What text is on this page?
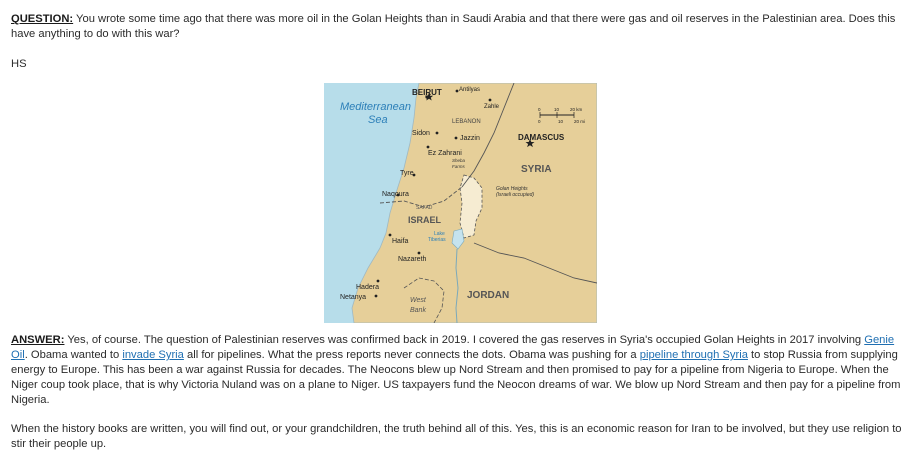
QUESTION: You wrote some time ago that there was more oil in the Golan Heights than in Saudi Arabia and that there were gas and oil reserves in the Palestinian area. Does this have anything to do with this war?

HS

Mediterranean
Sea
BEIRUT	Antilyas
Zahle
LEBANON
Sidon
Jazzin
Ez Zahrani
Sheba
Farms
DAMASCUS
SYRIA
Tyre
Naqoura
SAFAD
Golan Heights
(Israeli occupied)
ISRAEL
Lake
Tiberias
Haifa
Nazareth
Hadera
Netanya	JORDAN
West
Bank
0	10 20 km
0	10 20 mi

ANSWER: Yes, of course. The question of Palestinian reserves was confirmed back in 2019. I covered the gas reserves in Syria's occupied Golan Heights in 2017 involving Genie Oil. Obama wanted to invade Syria all for pipelines. What the press reports never connects the dots. Obama was pushing for a pipeline through Syria to stop Russia from supplying energy to Europe. This has been a war against Russia for decades. The Neocons blew up Nord Stream and then promised to pay for a pipeline from Nigeria to Europe. When the Niger coup took place, that is why Victoria Nuland was on a plane to Niger. US taxpayers fund the Neocon dreams of war. We blow up Nord Stream and then pay for a pipeline from Nigeria.

When the history books are written, you will find out, or your grandchildren, the truth behind all of this. Yes, this is an economic reason for Iran to be involved, but they use religion to stir their people up.
